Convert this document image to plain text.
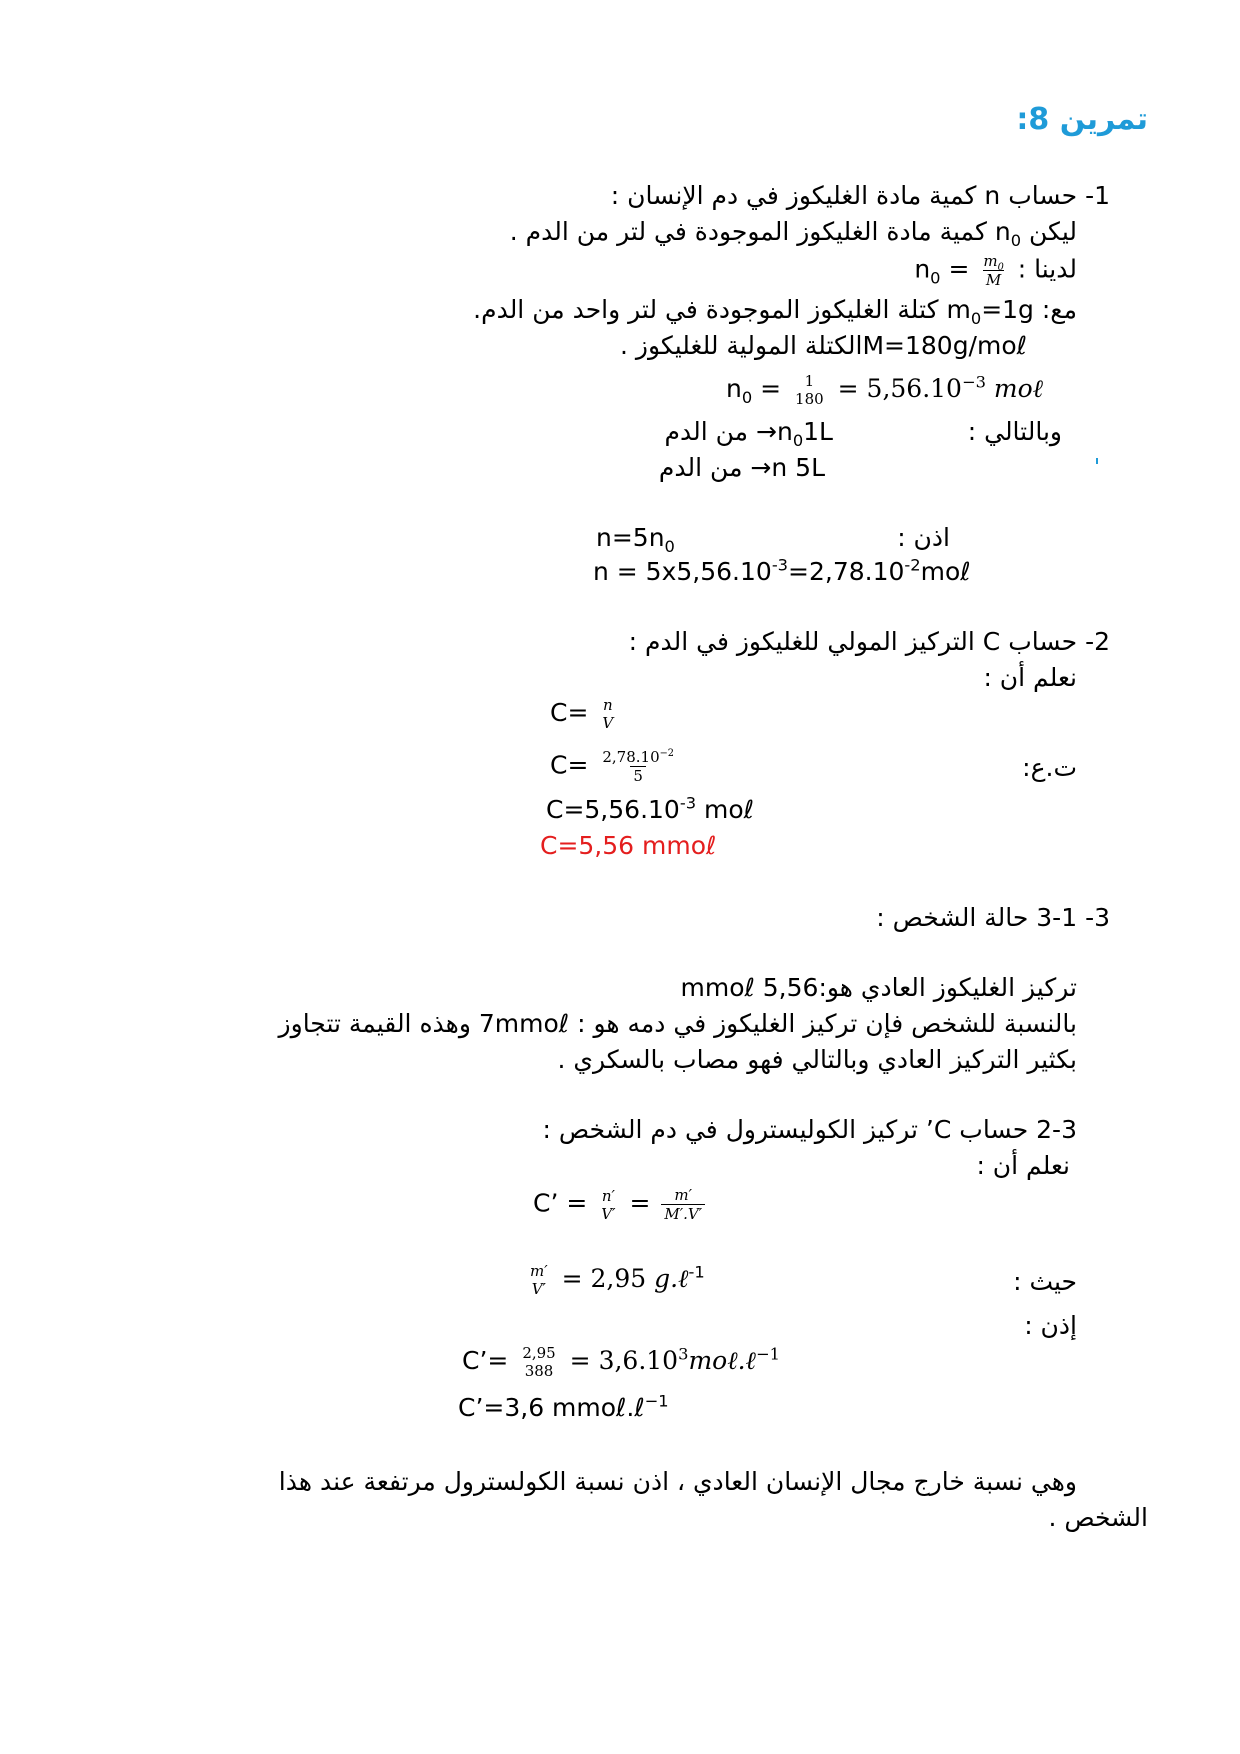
تمرين 8:
1- حساب n كمية مادة الغليكوز في دم الإنسان :
ليكن $n_0$ كمية مادة الغليكوز الموجودة في لتر من الدم .
لدينا : $n_0 = \frac{m_0}{M}$
مع: $m_0=1g$ كتلة الغليكوز الموجودة في لتر واحد من الدم.
الكتلة المولية للغليكوز .M=180g/moℓ
$n_0 = 1$
$180 = 5,56.10^{-3}$ moℓ
وبالتالي :
$\to n_01L$ من الدم
→n 5L من الدم
اذن :
$n=5n_0$
$n = 5x5,56.10^{-3}=2,78.10^{-2}mo\ell$
2- حساب C التركيز المولي للغليكوز في الدم :
نعلم أن :
C= n
V
ت.ع:
$C= \frac{2,78.10^{-2}}{5}$
$C=5,56.10^{-3}$ moℓ
C=5,56 mmoℓ
3- 3-1 حالة الشخص :
تركيز الغليكوز العادي هو:5,56 mmoℓ
بالنسبة للشخص فإن تركيز الغليكوز في دمه هو : 7mmoℓ وهذه القيمة تتجاوز
بكثير التركيز العادي وبالتالي فهو مصاب بالسكري .
2-3 حساب C’ تركيز الكوليسترول في دم الشخص :
نعلم أن :
C’ = n′
$V' = \frac{m'}{M'.V'}$
حيث :
m′
V′ = 2,95 g.ℓ$^{-1}$
إذن :
C’= 2,95
$388 = 3,6.10^3mo\ell.\ell^{-1}$
C’=3,6 mmoℓ.ℓ$^{-1}$
وهي نسبة خارج مجال الإنسان العادي ، اذن نسبة الكولسترول مرتفعة عند هذا
الشخص .
